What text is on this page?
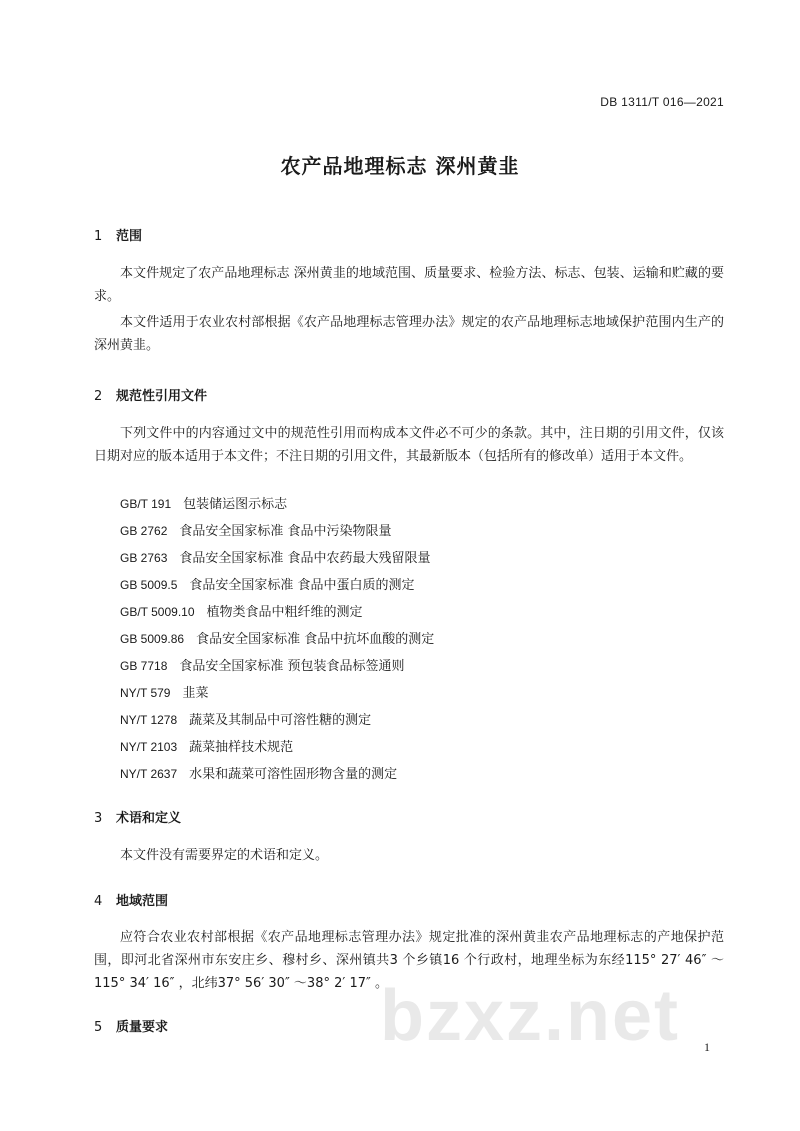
DB 1311/T 016—2021
农产品地理标志 深州黄韭
1 范围
本文件规定了农产品地理标志 深州黄韭的地域范围、质量要求、检验方法、标志、包装、运输和贮藏的要求。
本文件适用于农业农村部根据《农产品地理标志管理办法》规定的农产品地理标志地域保护范围内生产的深州黄韭。
2 规范性引用文件
下列文件中的内容通过文中的规范性引用而构成本文件必不可少的条款。其中，注日期的引用文件，仅该日期对应的版本适用于本文件；不注日期的引用文件，其最新版本（包括所有的修改单）适用于本文件。
GB/T 191 包装储运图示标志
GB 2762 食品安全国家标准 食品中污染物限量
GB 2763 食品安全国家标准 食品中农药最大残留限量
GB 5009.5 食品安全国家标准 食品中蛋白质的测定
GB/T 5009.10 植物类食品中粗纤维的测定
GB 5009.86 食品安全国家标准 食品中抗坏血酸的测定
GB 7718 食品安全国家标准 预包装食品标签通则
NY/T 579 韭菜
NY/T 1278 蔬菜及其制品中可溶性糖的测定
NY/T 2103 蔬菜抽样技术规范
NY/T 2637 水果和蔬菜可溶性固形物含量的测定
3 术语和定义
本文件没有需要界定的术语和定义。
4 地域范围
应符合农业农村部根据《农产品地理标志管理办法》规定批准的深州黄韭农产品地理标志的产地保护范围，即河北省深州市东安庄乡、穆村乡、深州镇共3 个乡镇16 个行政村，地理坐标为东经115° 27′ 46″ ～115° 34′ 16″ ，北纬37° 56′ 30″ ～38° 2′ 17″ 。
5 质量要求	bzxz.net 1
